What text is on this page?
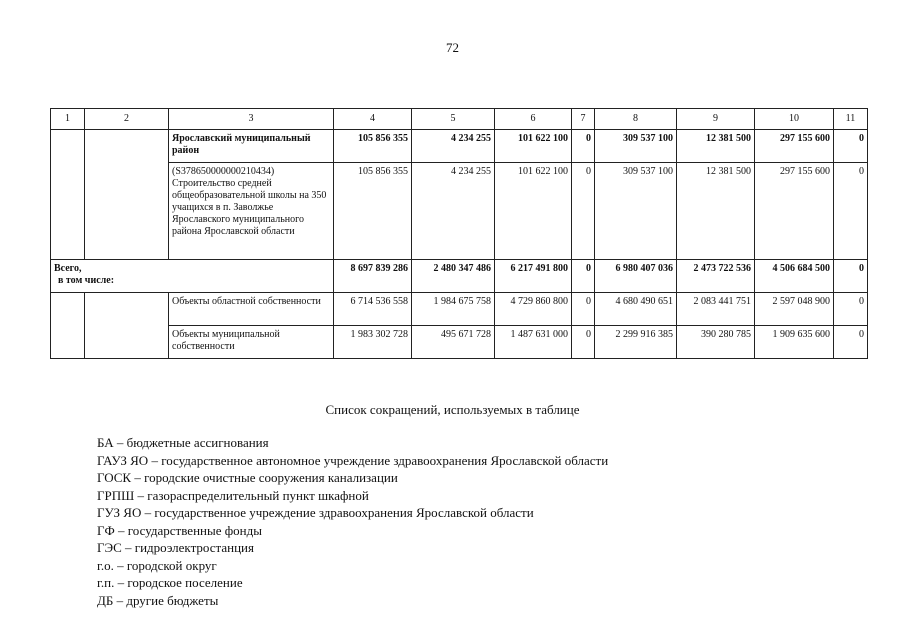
72
1	2	3	4	5	6	7	8	9	10	11
		Ярославский муниципальный район	105 856 355	4 234 255	101 622 100	0	309 537 100	12 381 500	297 155 600	0
		(S378650000000210434) Строительство средней общеобразовательной школы на 350 учащихся в п. Заволжье Ярославского муниципального района Ярославской области	105 856 355	4 234 255	101 622 100	0	309 537 100	12 381 500	297 155 600	0

Всего,
в том числе:			8 697 839 286	2 480 347 486	6 217 491 800	0	6 980 407 036	2 473 722 536	4 506 684 500	0
		Объекты областной собственности	6 714 536 558	1 984 675 758	4 729 860 800	0	4 680 490 651	2 083 441 751	2 597 048 900	0
		Объекты муниципальной собственности	1 983 302 728	495 671 728	1 487 631 000	0	2 299 916 385	390 280 785	1 909 635 600	0
Список сокращений, используемых в таблице
БА – бюджетные ассигнования
ГАУЗ ЯО – государственное автономное учреждение здравоохранения Ярославской области
ГОСК – городские очистные сооружения канализации
ГРПШ – газораспределительный пункт шкафной
ГУЗ ЯО – государственное учреждение здравоохранения Ярославской области
ГФ – государственные фонды
ГЭС – гидроэлектростанция
г.о. – городской округ
г.п. – городское поселение
ДБ – другие бюджеты
